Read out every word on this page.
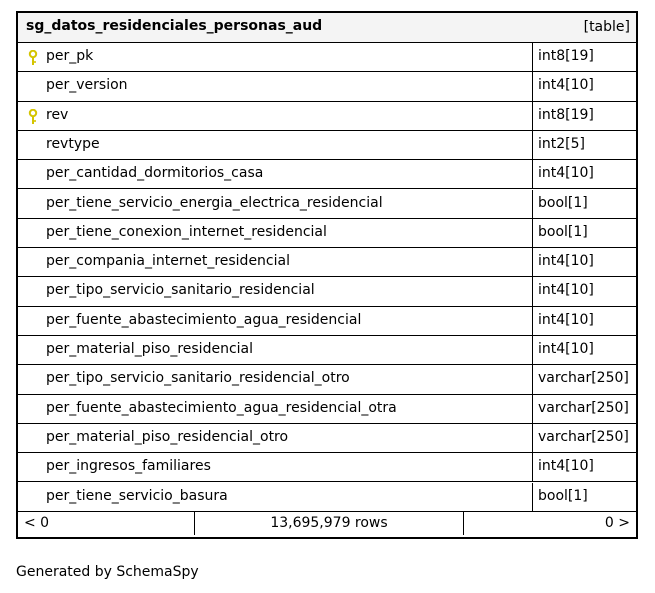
sg_datos_residenciales_personas_aud	[table]
per_pk	int8[19]
per_version	int4[10]
rev	int8[19]
revtype	int2[5]
per_cantidad_dormitorios_casa	int4[10]
per_tiene_servicio_energia_electrica_residencial	bool[1]
per_tiene_conexion_internet_residencial	bool[1]
per_compania_internet_residencial	int4[10]
per_tipo_servicio_sanitario_residencial	int4[10]
per_fuente_abastecimiento_agua_residencial	int4[10]
per_material_piso_residencial	int4[10]
per_tipo_servicio_sanitario_residencial_otro	varchar[250]
per_fuente_abastecimiento_agua_residencial_otra	varchar[250]
per_material_piso_residencial_otro	varchar[250]
per_ingresos_familiares	int4[10]
per_tiene_servicio_basura	bool[1]
< 0	13,695,979 rows	0 >
Generated by SchemaSpy
